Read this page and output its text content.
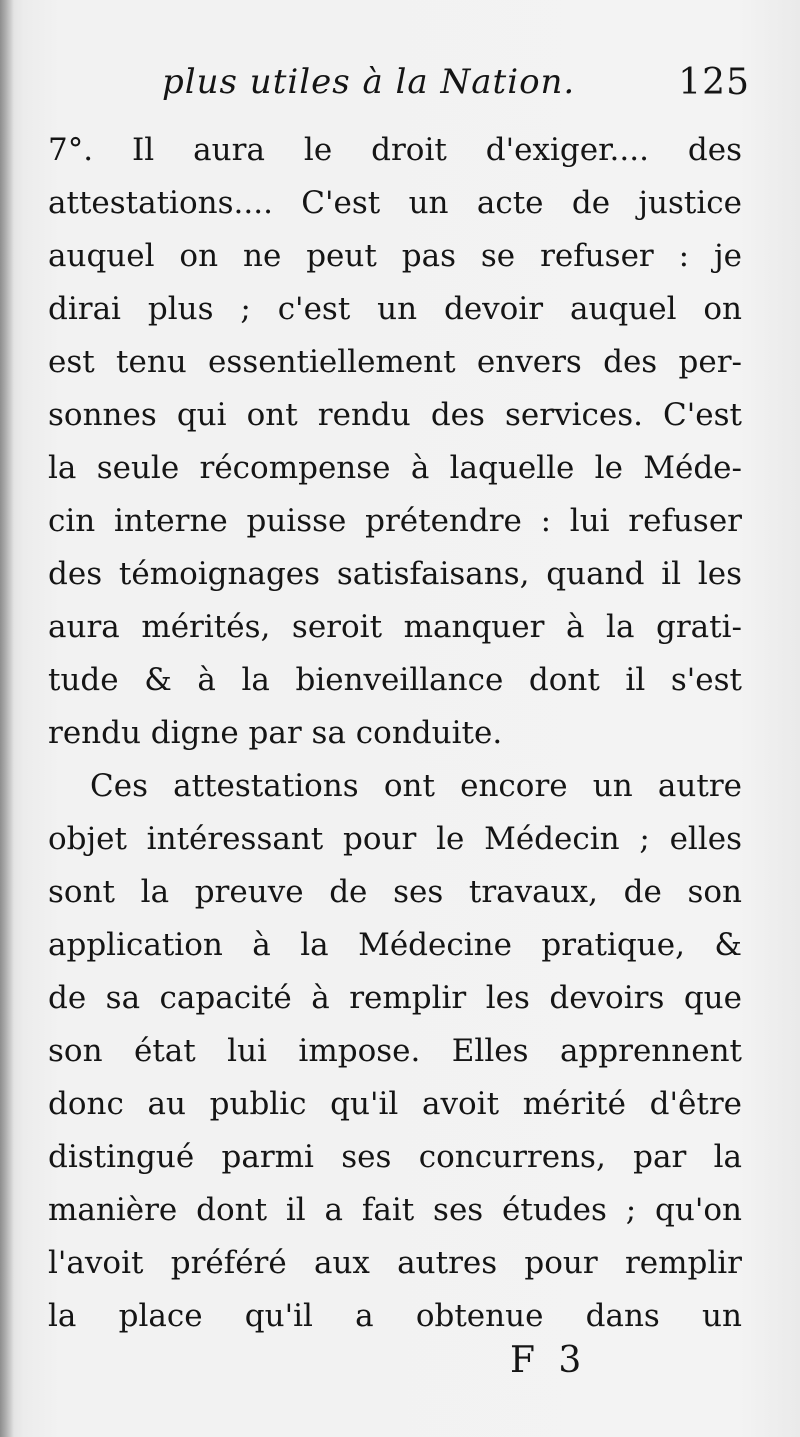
plus utiles à la Nation.	125
7°. Il aura le droit d'exiger.... des
attestations.... C'est un acte de justice
auquel on ne peut pas se refuser : je
dirai plus ; c'est un devoir auquel on
est tenu essentiellement envers des per-
sonnes qui ont rendu des services. C'est
la seule récompense à laquelle le Méde-
cin interne puisse prétendre : lui refuser
des témoignages satisfaisans, quand il les
aura mérités, seroit manquer à la grati-
tude & à la bienveillance dont il s'est
rendu digne par sa conduite.
Ces attestations ont encore un autre
objet intéressant pour le Médecin ; elles
sont la preuve de ses travaux, de son
application à la Médecine pratique, &
de sa capacité à remplir les devoirs que
son état lui impose. Elles apprennent
donc au public qu'il avoit mérité d'être
distingué parmi ses concurrens, par la
manière dont il a fait ses études ; qu'on
l'avoit préféré aux autres pour remplir
la place qu'il a obtenue dans un
F 3
